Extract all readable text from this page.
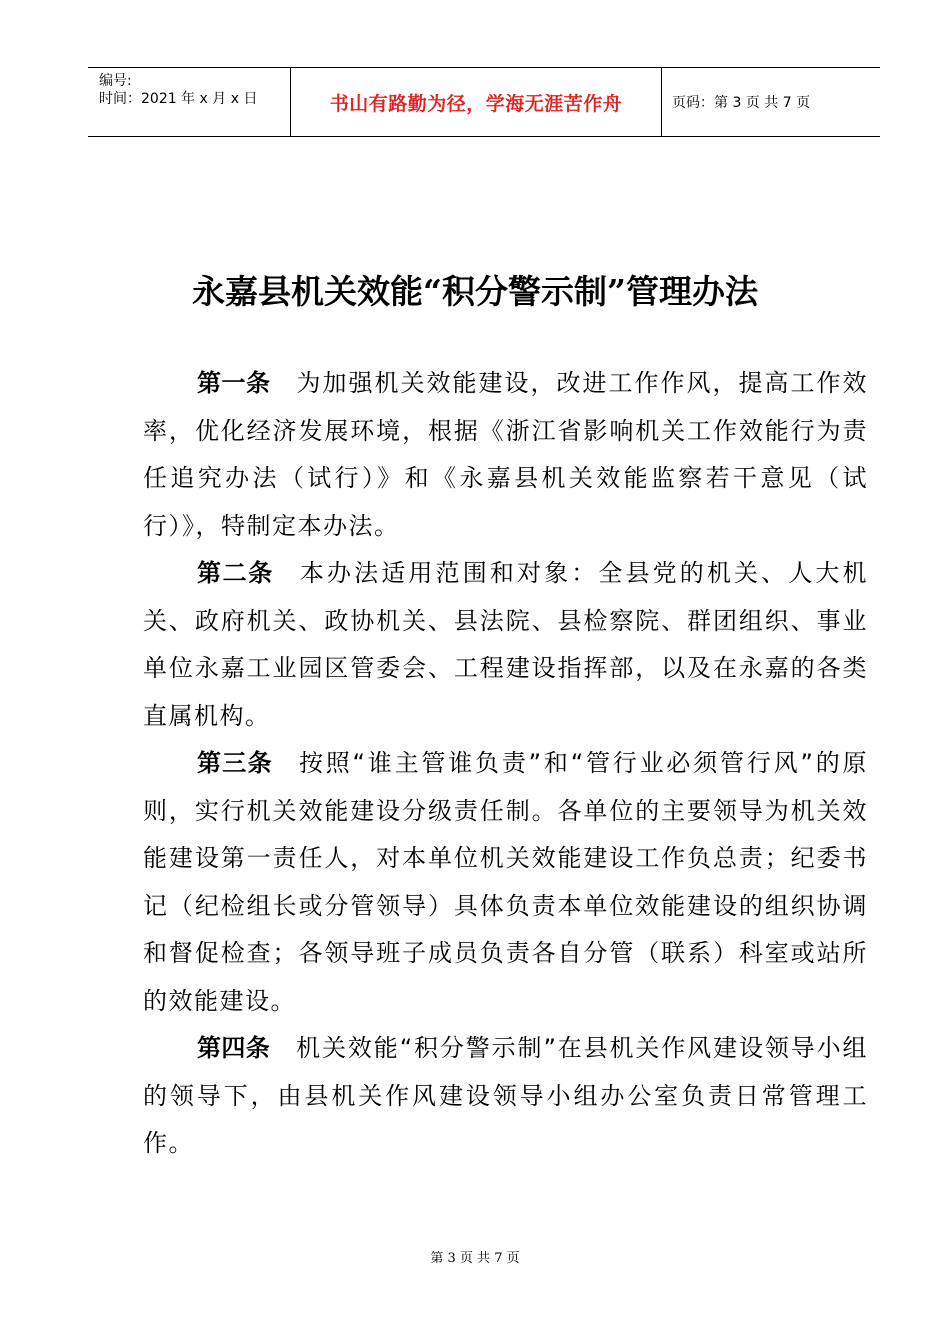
编号:
时间：2021 年 x 月 x 日	书山有路勤为径，学海无涯苦作舟	页码：第 3 页 共 7 页
永嘉县机关效能“积分警示制”管理办法

第一条 为加强机关效能建设，改进工作作风，提高工作效率，优化经济发展环境，根据《浙江省影响机关工作效能行为责任追究办法（试行）》和《永嘉县机关效能监察若干意见（试行）》，特制定本办法。

第二条 本办法适用范围和对象：全县党的机关、人大机关、政府机关、政协机关、县法院、县检察院、群团组织、事业单位永嘉工业园区管委会、工程建设指挥部，以及在永嘉的各类直属机构。

第三条 按照“谁主管谁负责”和“管行业必须管行风”的原则，实行机关效能建设分级责任制。各单位的主要领导为机关效能建设第一责任人，对本单位机关效能建设工作负总责；纪委书记（纪检组长或分管领导）具体负责本单位效能建设的组织协调和督促检查；各领导班子成员负责各自分管（联系）科室或站所的效能建设。

第四条 机关效能“积分警示制”在县机关作风建设领导小组的领导下，由县机关作风建设领导小组办公室负责日常管理工作。

第 3 页 共 7 页
